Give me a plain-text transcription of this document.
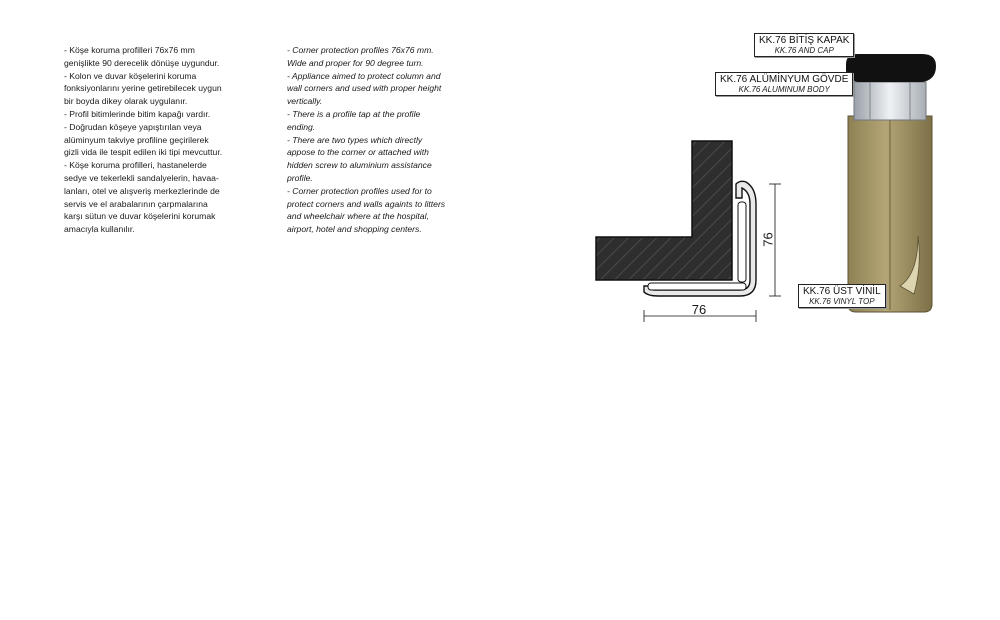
- Köşe koruma profilleri 76x76 mm
genişlikte 90 derecelik dönüşe uygundur.
- Kolon ve duvar köşelerini koruma
fonksiyonlarını yerine getirebilecek uygun
bir boyda dikey olarak uygulanır.
- Profil bitimlerinde bitim kapağı vardır.
- Doğrudan köşeye yapıştırılan veya
alüminyum takviye profiline geçirilerek
gizli vida ile tespit edilen iki tipi mevcuttur.
- Köşe koruma profilleri, hastanelerde
sedye ve tekerlekli sandalyelerin, havaa-
lanları, otel ve alışveriş merkezlerinde de
servis ve el arabalarının çarpmalarına
karşı sütun ve duvar köşelerini korumak
amacıyla kullanılır.
- Corner protection profiles 76x76 mm.
Wide and proper for 90 degree turn.
- Appliance aimed to protect column and
wall corners and used with proper height
vertically.
- There is a profile tap at the profile
ending.
- There are two types which directly
appose to the corner or attached with
hidden screw to aluminium assistance
profile.
- Corner protection profiles used for to
protect corners and walls againts to litters
and wheelchair where at the hospital,
airport, hotel and shopping centers.
76
76
KK.76 BİTİŞ KAPAK
KK.76 AND CAP
KK.76 ALÜMİNYUM GÖVDE
KK.76 ALUMINUM BODY
KK.76 ÜST VİNİL
KK.76 VINYL TOP
